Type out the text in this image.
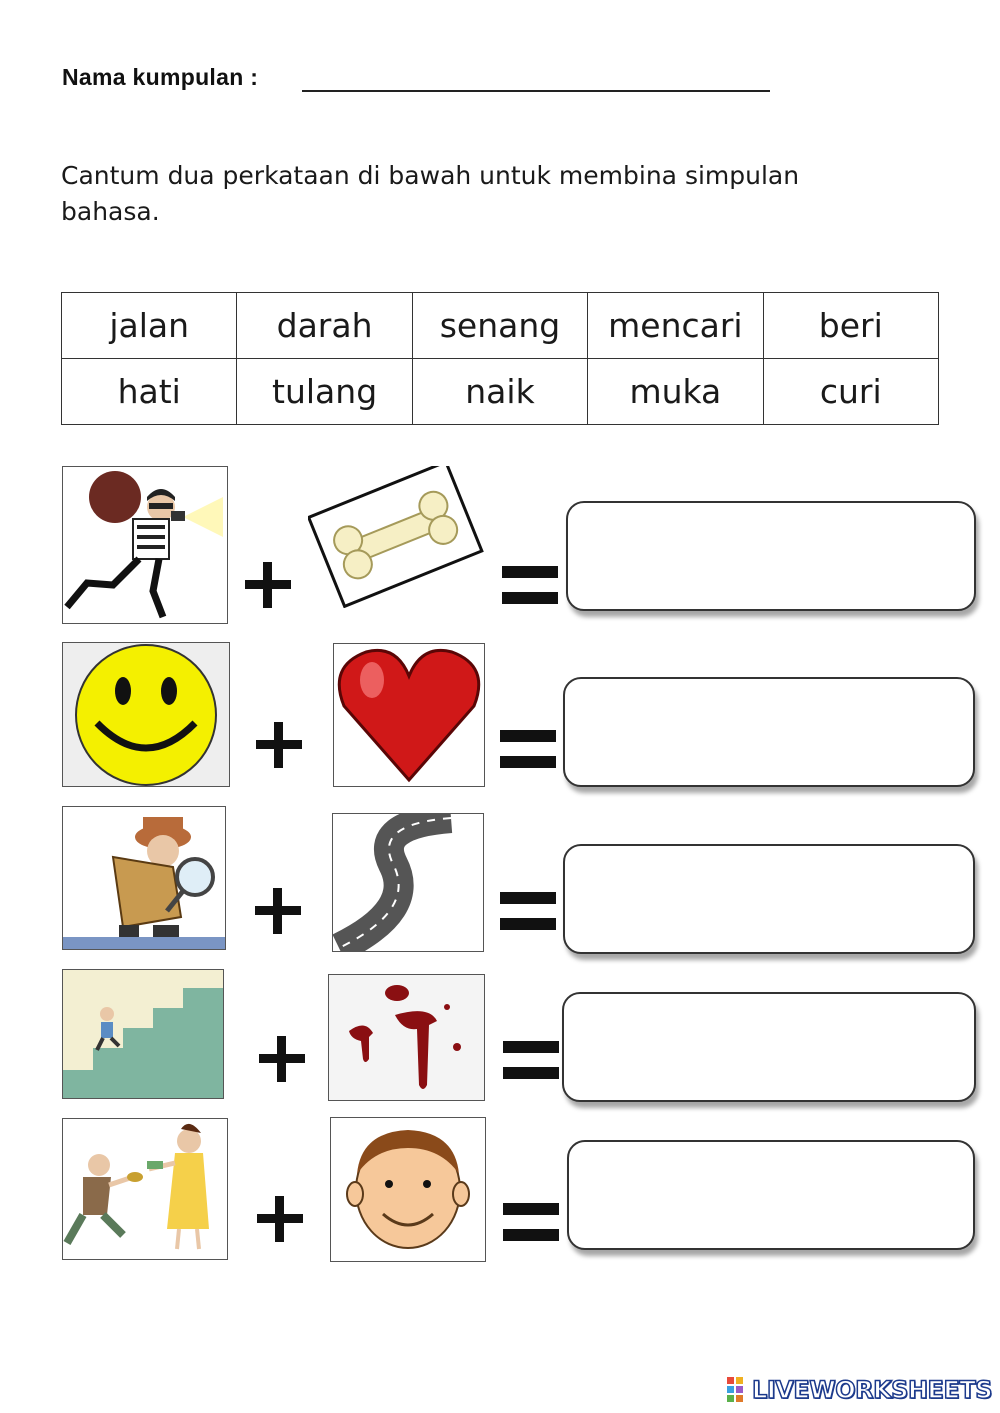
Nama kumpulan :
Cantum dua perkataan di bawah untuk membina simpulan bahasa.
jalan	darah	senang	mencari	beri
hati	tulang	naik	muka	curi
LIVEWORKSHEETS
